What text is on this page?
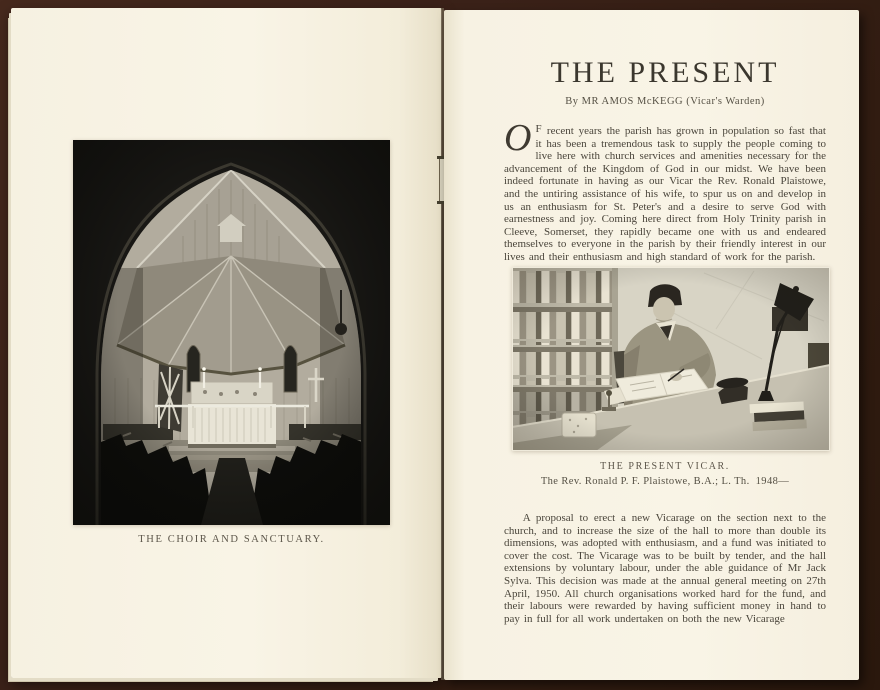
THE CHOIR AND SANCTUARY.
THE PRESENT
By MR AMOS McKEGG (Vicar's Warden)

O F recent years the parish has grown in population so fast that it has been a tremendous task to supply the people coming to live here with church services and amenities necessary for the advancement of the Kingdom of God in our midst. We have been indeed fortunate in having as our Vicar the Rev. Ronald Plaistowe, and the untiring assistance of his wife, to spur us on and develop in us an enthusiasm for St. Peter's and a desire to serve God with earnestness and joy. Coming here direct from Holy Trinity parish in Cleeve, Somerset, they rapidly became one with us and endeared themselves to everyone in the parish by their friendly interest in our lives and their enthusiasm and high standard of work for the parish.

THE PRESENT VICAR.
The Rev. Ronald P. F. Plaistowe, B.A.; L. Th.  1948—

A proposal to erect a new Vicarage on the section next to the church, and to increase the size of the hall to more than double its dimensions, was adopted with enthusiasm, and a fund was initiated to cover the cost. The Vicarage was to be built by tender, and the hall extensions by voluntary labour, under the able guidance of Mr Jack Sylva. This decision was made at the annual general meeting on 27th April, 1950. All church organisations worked hard for the fund, and their labours were rewarded by having sufficient money in hand to pay in full for all work undertaken on both the new Vicarage
